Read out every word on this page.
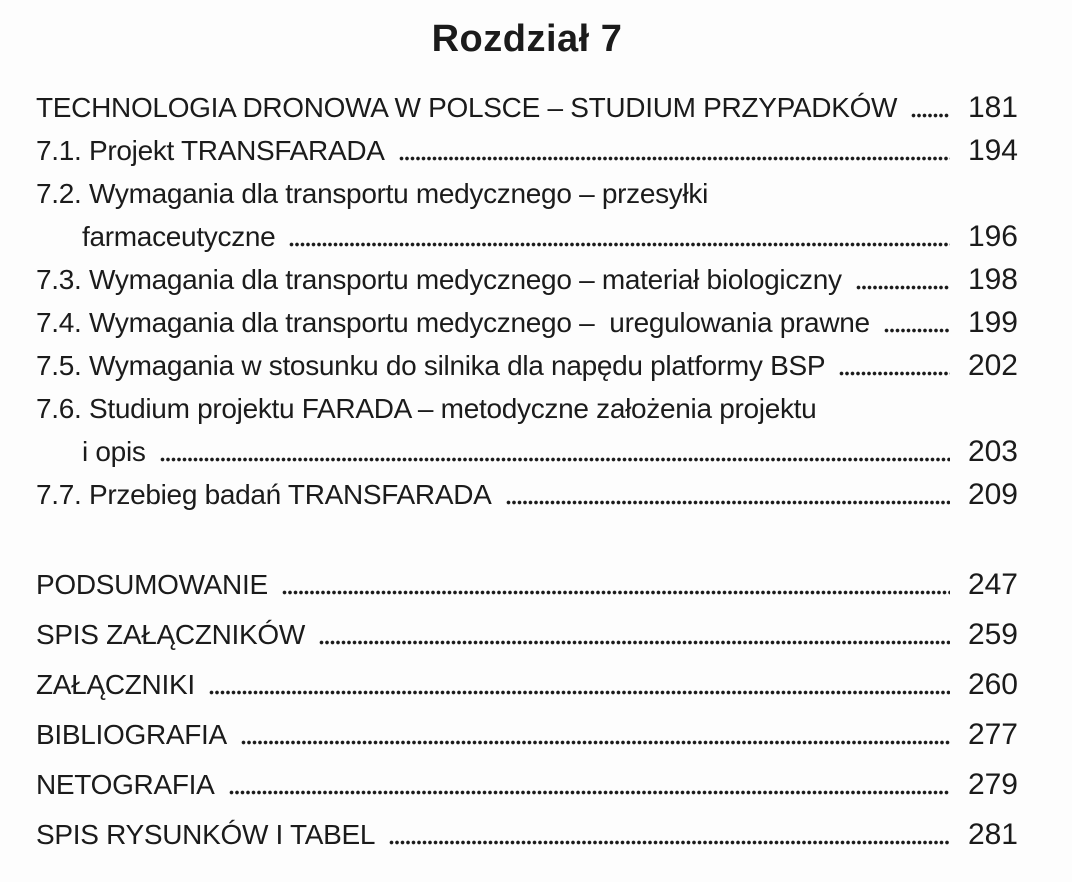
Rozdział 7
TECHNOLOGIA DRONOWA W POLSCE – STUDIUM PRZYPADKÓW 181
7.1. Projekt TRANSFARADA	194
7.2. Wymagania dla transportu medycznego – przesyłki
farmaceutyczne	196
7.3. Wymagania dla transportu medycznego – materiał biologiczny	198
7.4. Wymagania dla transportu medycznego –  uregulowania prawne	199
7.5. Wymagania w stosunku do silnika dla napędu platformy BSP	202
7.6. Studium projektu FARADA – metodyczne założenia projektu
i opis	203
7.7. Przebieg badań TRANSFARADA	209
PODSUMOWANIE	247
SPIS ZAŁĄCZNIKÓW	259
ZAŁĄCZNIKI	260
BIBLIOGRAFIA	277
NETOGRAFIA	279
SPIS RYSUNKÓW I TABEL	281
